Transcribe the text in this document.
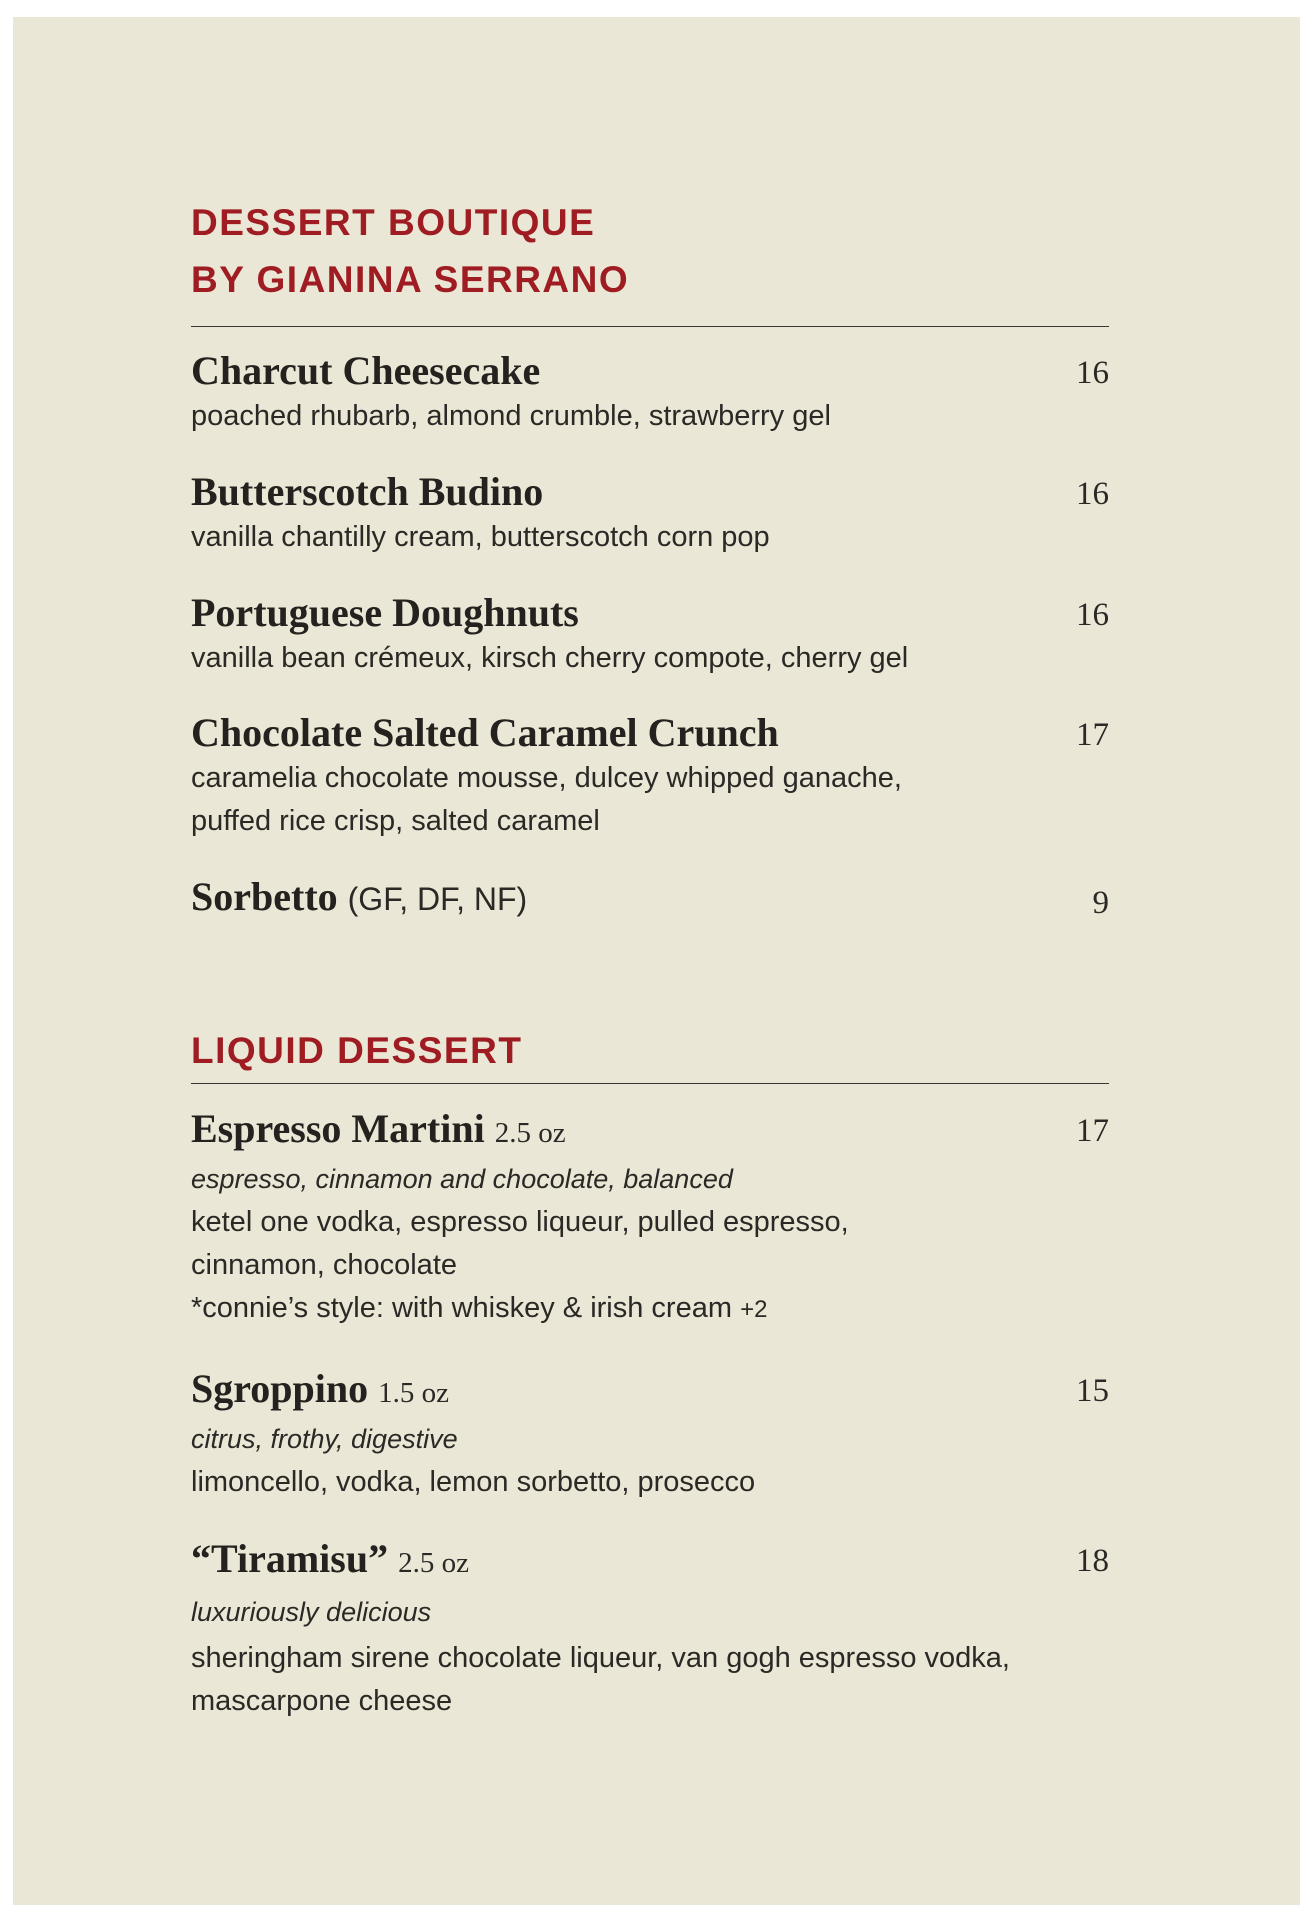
DESSERT BOUTIQUE
BY GIANINA SERRANO
Charcut Cheesecake	16
poached rhubarb, almond crumble, strawberry gel
Butterscotch Budino	16
vanilla chantilly cream, butterscotch corn pop
Portuguese Doughnuts	16
vanilla bean crémeux, kirsch cherry compote, cherry gel
Chocolate Salted Caramel Crunch	17
caramelia chocolate mousse, dulcey whipped ganache,
puffed rice crisp, salted caramel
Sorbetto (GF, DF, NF)	9
LIQUID DESSERT
Espresso Martini 2.5 oz	17
espresso, cinnamon and chocolate, balanced
ketel one vodka, espresso liqueur, pulled espresso,
cinnamon, chocolate
*connie’s style: with whiskey & irish cream +2
Sgroppino 1.5 oz	15
citrus, frothy, digestive
limoncello, vodka, lemon sorbetto, prosecco
“Tiramisu” 2.5 oz	18
luxuriously delicious
sheringham sirene chocolate liqueur, van gogh espresso vodka,
mascarpone cheese
